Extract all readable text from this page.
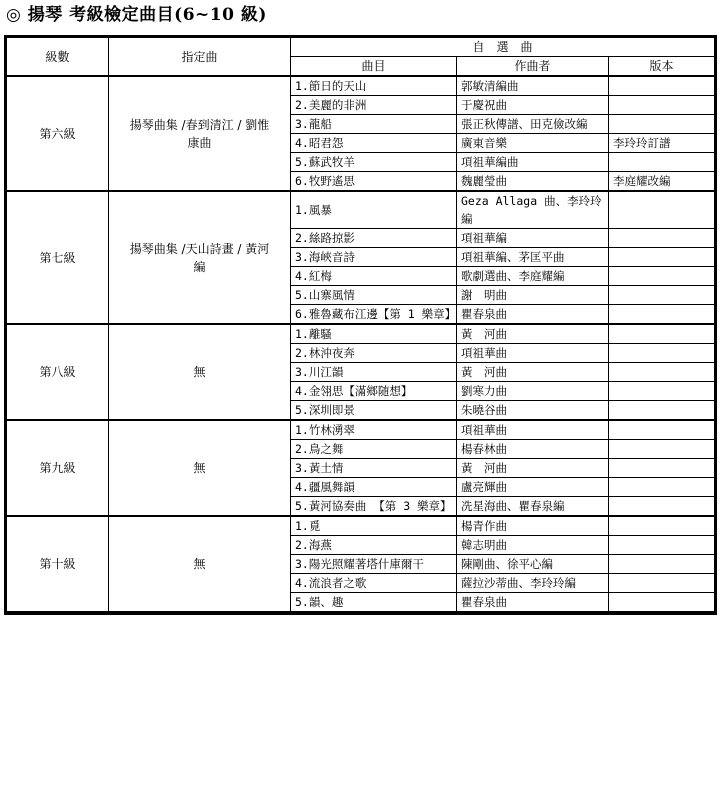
◎ 揚琴 考級檢定曲目(6~10 級)
級數	指定曲	自　選　曲		
		曲目	作曲者	版本
第六級	揚琴曲集 /春到清江 / 劉惟康曲	1.節日的天山	郭敏清編曲	
		2.美麗的非洲	于慶祝曲	
		3.龍船	張正秋傳譜、田克儉改編	
		4.昭君怨	廣東音樂	李玲玲訂譜
		5.蘇武牧羊	項祖華編曲	
		6.牧野遙思	魏麗瑩曲	李庭耀改編
第七級	揚琴曲集 /天山詩畫 / 黃河編	1.風暴	Geza Allaga 曲、李玲玲編	
		2.絲路掠影	項祖華編	
		3.海峽音詩	項祖華編、茅匡平曲	
		4.紅梅	歌劇選曲、李庭耀編	
		5.山寨風情	謝　明曲	
		6.雅魯藏布江邊【第 1 樂章】	瞿春泉曲	
第八級	無	1.離騷	黃　河曲	
		2.林沖夜奔	項祖華曲	
		3.川江韻	黃　河曲	
		4.金翎思【滿鄉随想】	劉寒力曲	
		5.深圳即景	朱曉谷曲	
第九級	無	1.竹林湧翠	項祖華曲	
		2.鳥之舞	楊春林曲	
		3.黃土情	黃　河曲	
		4.疆風舞韻	盧亮輝曲	
		5.黃河協奏曲 【第 3 樂章】	冼星海曲、瞿春泉編	
第十級	無	1.覓	楊青作曲	
		2.海燕	韓志明曲	
		3.陽光照耀著塔什庫爾干	陳剛曲、徐平心編	
		4.流浪者之歌	薩拉沙蒂曲、李玲玲編	
		5.韻、趣	瞿春泉曲	
